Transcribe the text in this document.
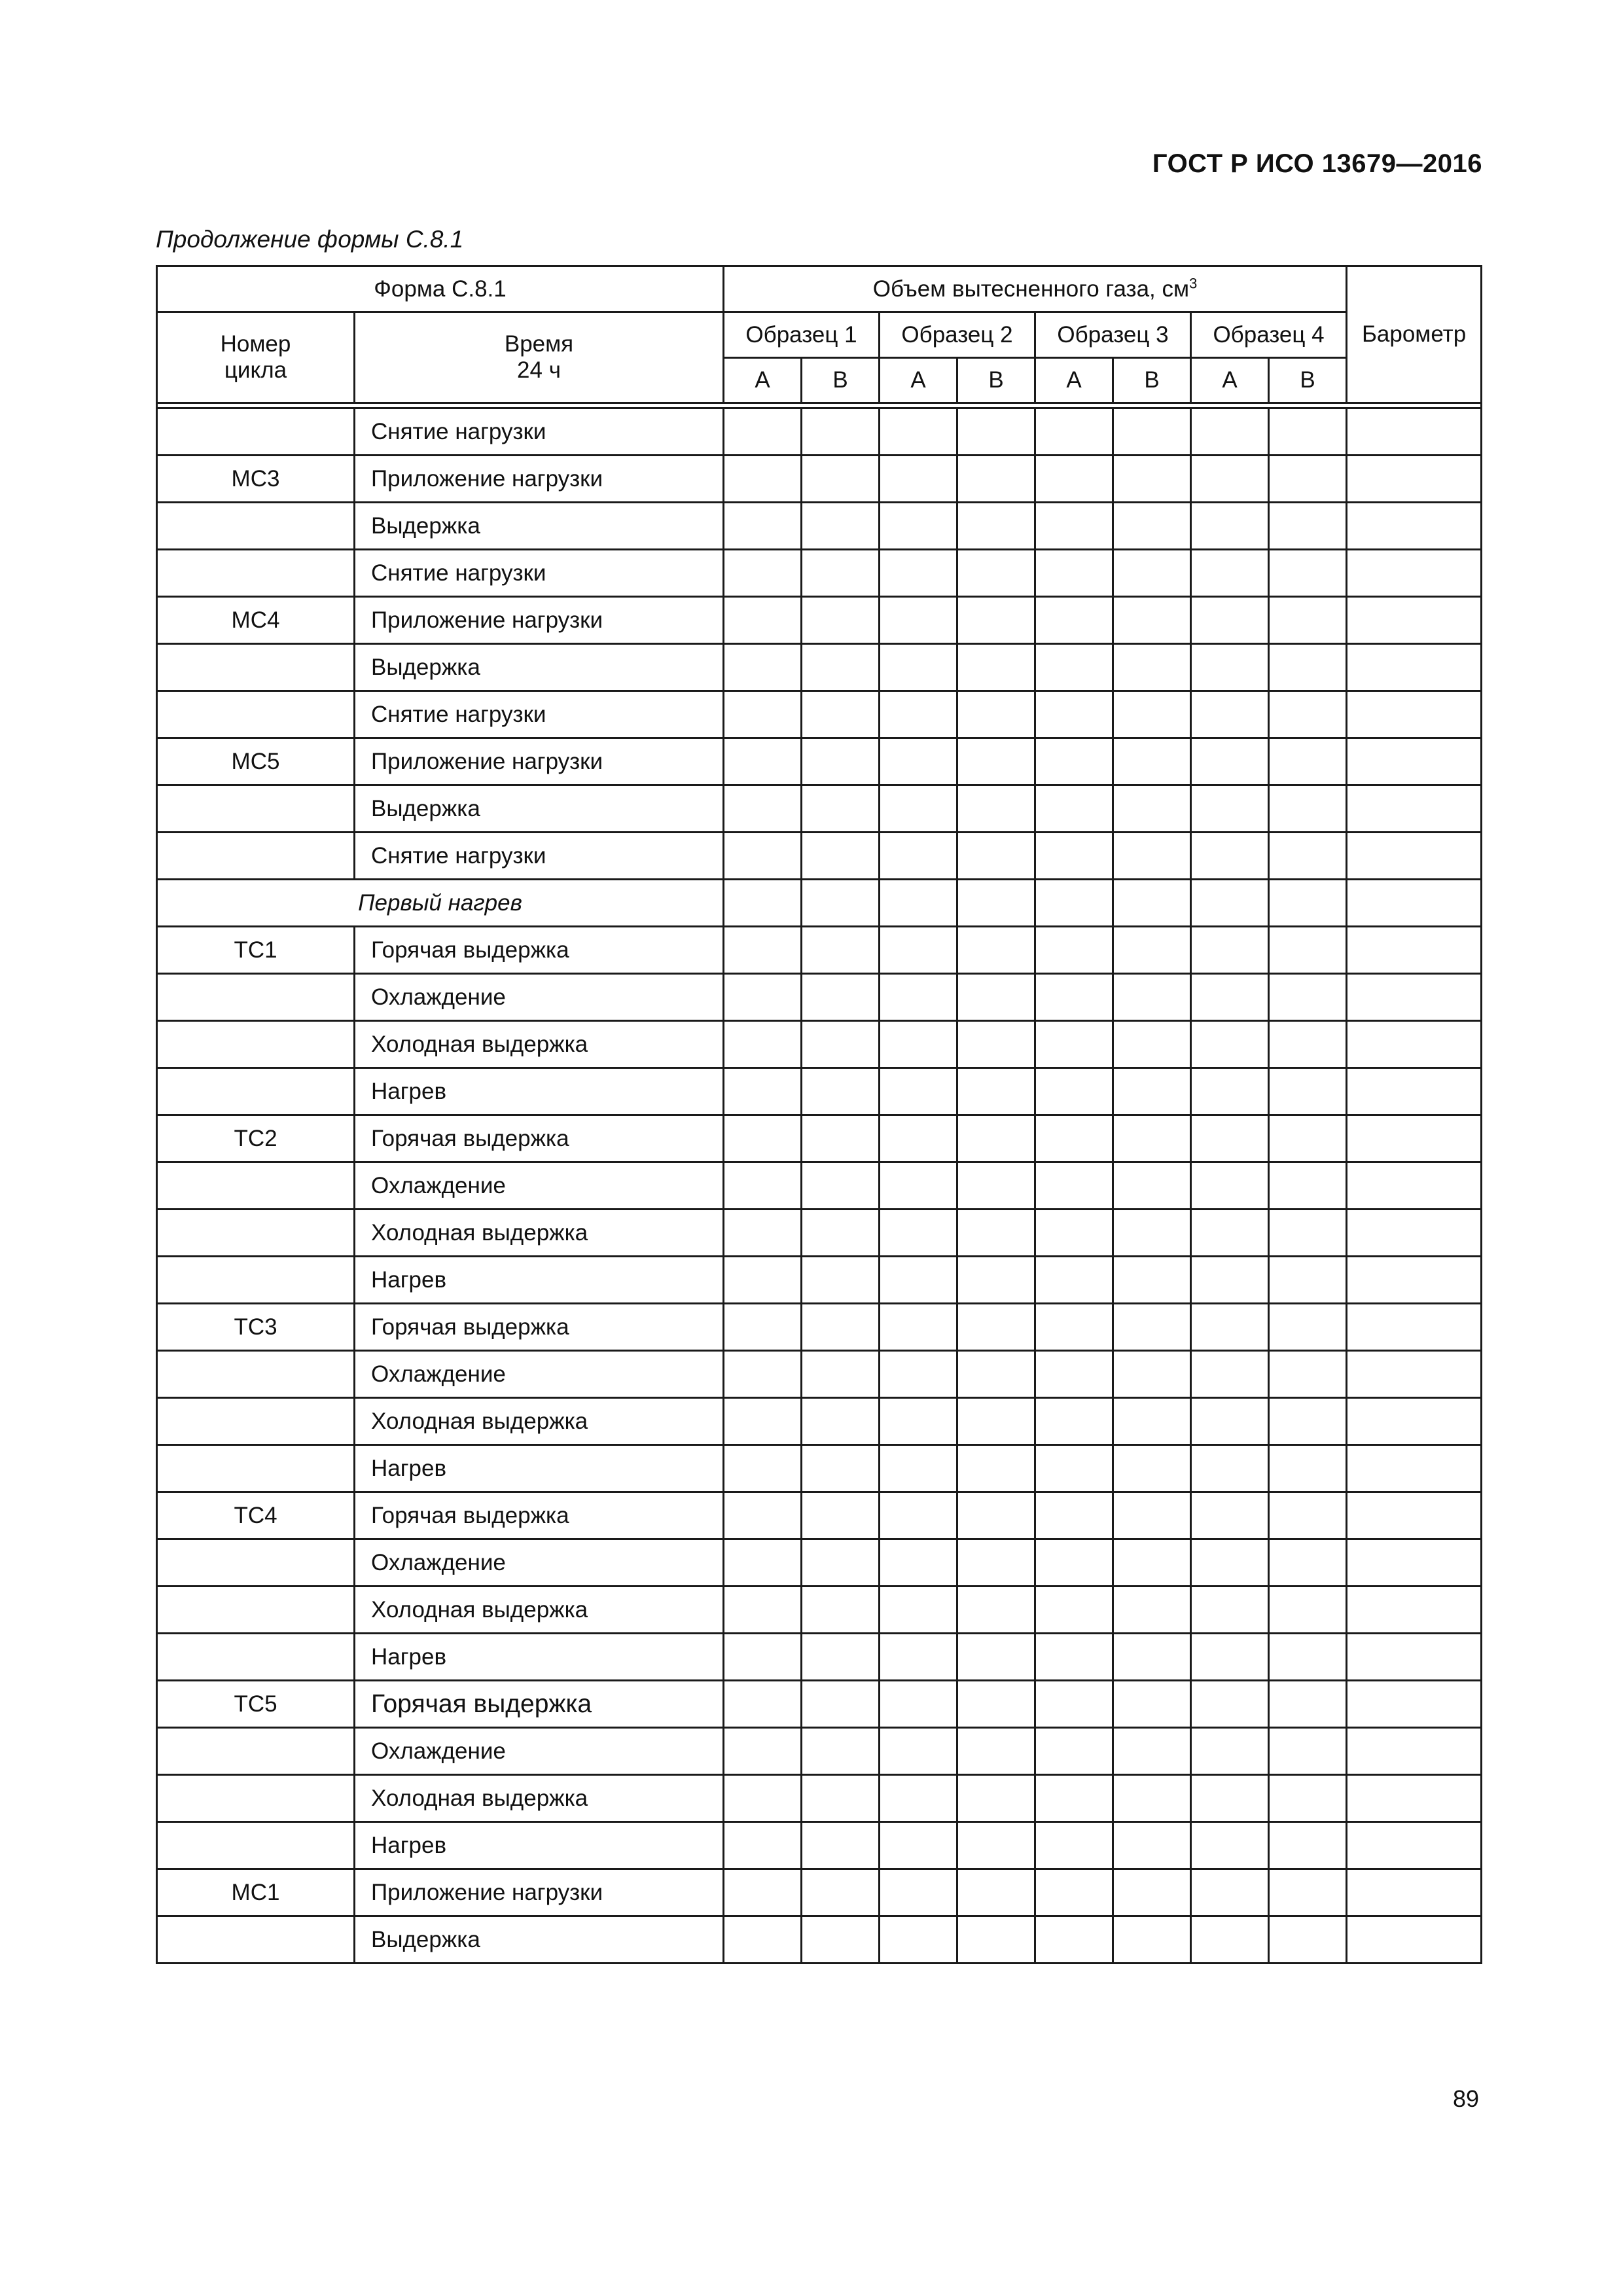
ГОСТ Р ИСО 13679—2016
Продолжение формы С.8.1
Форма С.8.1		Объем вытесненного газа, $см^3$								Барометр
Номер цикла	Время 24 ч	Образец 1		Образец 2		Образец 3		Образец 4		
		A	B	A	B	A	B	A	B	

	Снятие нагрузки									
MC3	Приложение нагрузки									
	Выдержка									
	Снятие нагрузки									
MC4	Приложение нагрузки									
	Выдержка									
	Снятие нагрузки									
MC5	Приложение нагрузки									
	Выдержка									
	Снятие нагрузки									
Первый нагрев										
TC1	Горячая выдержка									
	Охлаждение									
	Холодная выдержка									
	Нагрев									
TC2	Горячая выдержка									
	Охлаждение									
	Холодная выдержка									
	Нагрев									
TC3	Горячая выдержка									
	Охлаждение									
	Холодная выдержка									
	Нагрев									
TC4	Горячая выдержка									
	Охлаждение									
	Холодная выдержка									
	Нагрев									
TC5	Горячая выдержка									
	Охлаждение									
	Холодная выдержка									
	Нагрев									
MC1	Приложение нагрузки									
	Выдержка									
89
